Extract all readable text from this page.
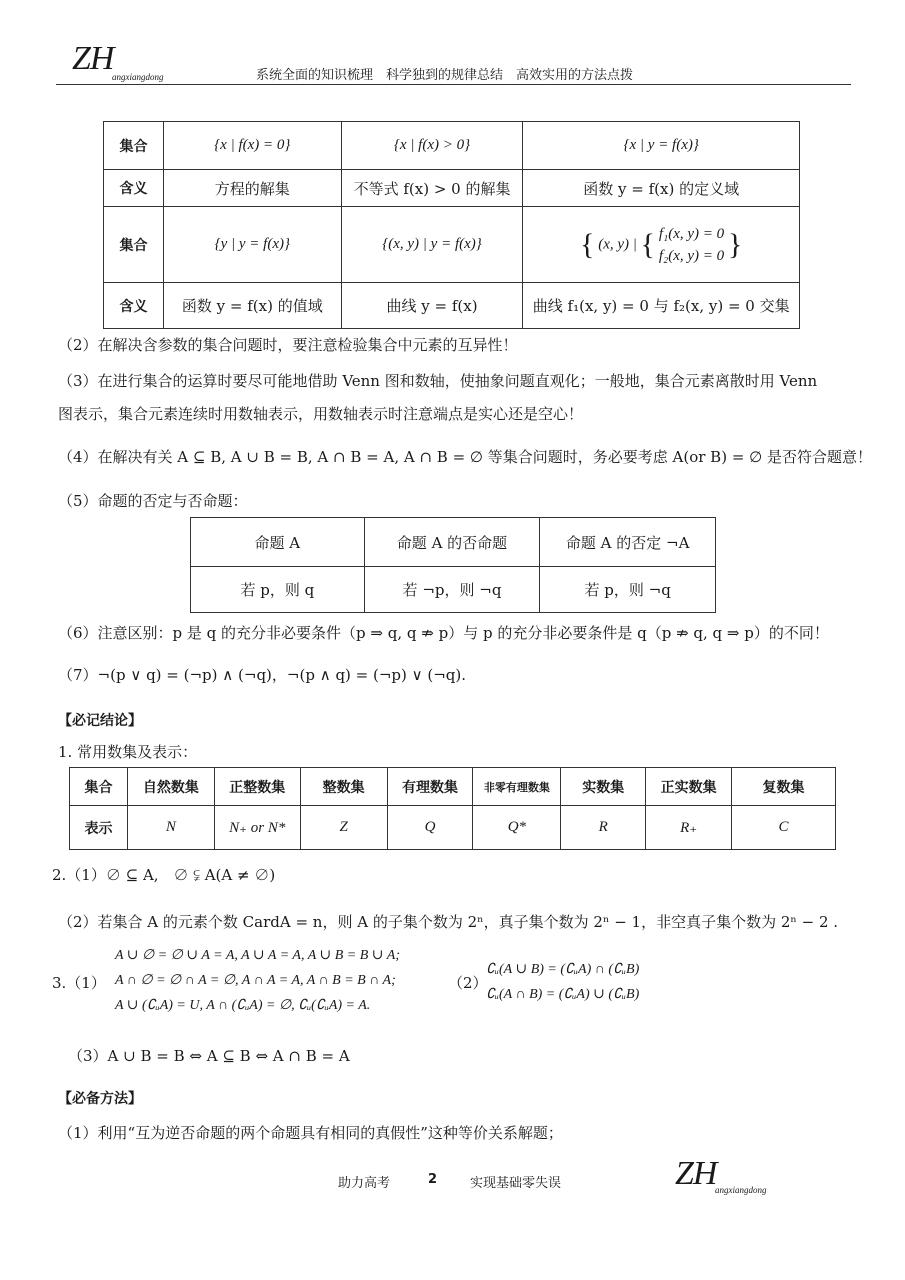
ZH
angxiangdong	系统全面的知识梳理　科学独到的规律总结　高效实用的方法点拨
集合	{x | f(x) = 0}	{x | f(x) > 0}	{x | y = f(x)}
含义	方程的解集	不等式 f(x) > 0 的解集	函数 y = f(x) 的定义域
集合	{y | y = f(x)}	{(x, y) | y = f(x)}	{ (x, y) | { f₁(x, y) = 0
f₂(x, y) = 0 }
含义	函数 y = f(x) 的值域	曲线 y = f(x)	曲线 f₁(x, y) = 0 与 f₂(x, y) = 0 交集
（2）在解决含参数的集合问题时，要注意检验集合中元素的互异性！
（3）在进行集合的运算时要尽可能地借助 Venn 图和数轴，使抽象问题直观化；一般地，集合元素离散时用 Venn
图表示，集合元素连续时用数轴表示，用数轴表示时注意端点是实心还是空心！
（4）在解决有关 A ⊆ B, A ∪ B = B, A ∩ B = A, A ∩ B = ∅ 等集合问题时，务必要考虑 A(or B) = ∅ 是否符合题意！
（5）命题的否定与否命题：
命题 A	命题 A 的否命题	命题 A 的否定 ¬A
若 p，则 q	若 ¬p，则 ¬q	若 p，则 ¬q
（6）注意区别：p 是 q 的充分非必要条件（p ⇒ q, q ⇏ p）与 p 的充分非必要条件是 q（p ⇏ q, q ⇒ p）的不同！
（7）¬(p ∨ q) = (¬p) ∧ (¬q)，¬(p ∧ q) = (¬p) ∨ (¬q).
【必记结论】
1. 常用数集及表示：
集合	自然数集	正整数集	整数集	有理数集	非零有理数集	实数集	正实数集	复数集
表示	N	N₊ or N*	Z	Q	Q*	R	R₊	C
2.（1）∅ ⊆ A,　∅ ⫋ A(A ≠ ∅)
（2）若集合 A 的元素个数 CardA = n，则 A 的子集个数为 2ⁿ，真子集个数为 2ⁿ − 1，非空真子集个数为 2ⁿ − 2 .
3.（1）
A ∪ ∅ = ∅ ∪ A = A, A ∪ A = A, A ∪ B = B ∪ A;
A ∩ ∅ = ∅ ∩ A = ∅, A ∩ A = A, A ∩ B = B ∩ A;
A ∪ (∁ᵤA) = U, A ∩ (∁ᵤA) = ∅, ∁ᵤ(∁ᵤA) = A.
（2）
∁ᵤ(A ∪ B) = (∁ᵤA) ∩ (∁ᵤB)
∁ᵤ(A ∩ B) = (∁ᵤA) ∪ (∁ᵤB)
（3）A ∪ B = B ⇔ A ⊆ B ⇔ A ∩ B = A
【必备方法】
（1）利用“互为逆否命题的两个命题具有相同的真假性”这种等价关系解题；
助力高考	2	实现基础零失误	ZH
angxiangdong
